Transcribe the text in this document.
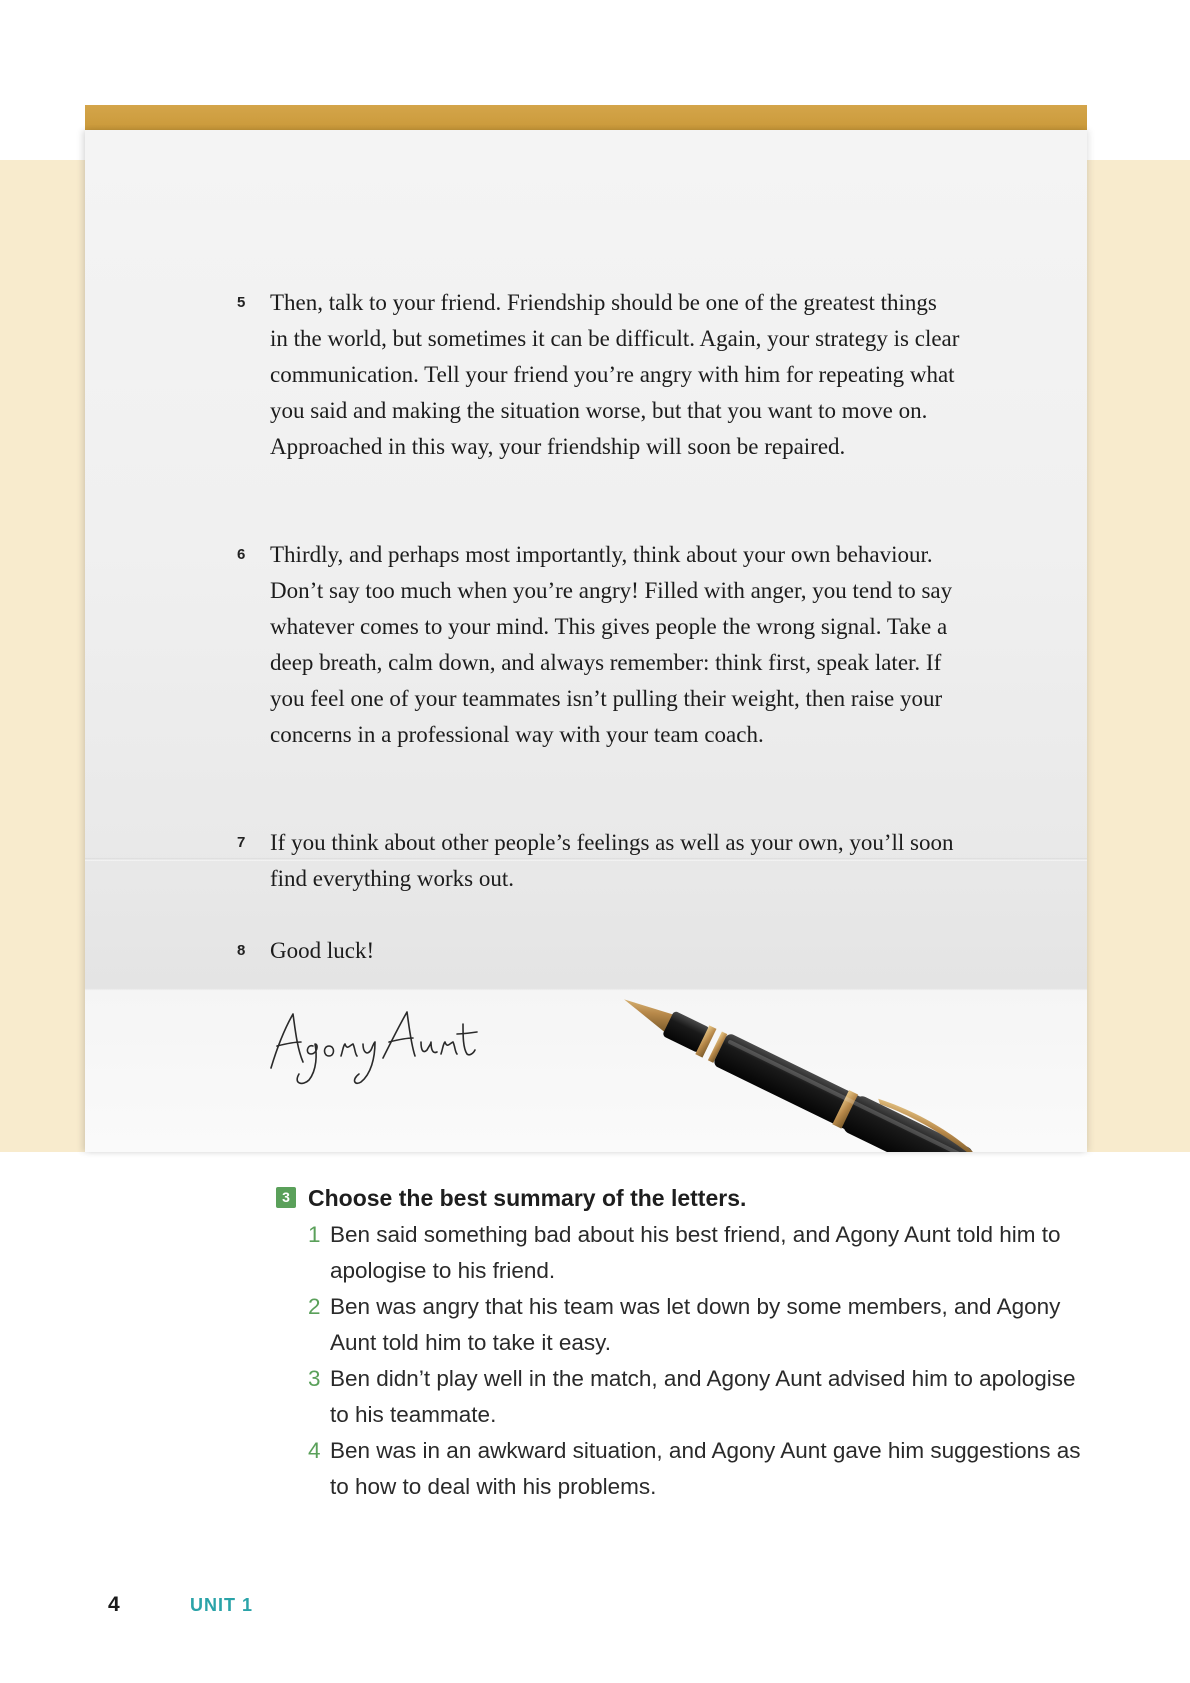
5 Then, talk to your friend. Friendship should be one of the greatest things in the world, but sometimes it can be difficult. Again, your strategy is clear communication. Tell your friend you’re angry with him for repeating what you said and making the situation worse, but that you want to move on. Approached in this way, your friendship will soon be repaired.
6 Thirdly, and perhaps most importantly, think about your own behaviour. Don’t say too much when you’re angry! Filled with anger, you tend to say whatever comes to your mind. This gives people the wrong signal. Take a deep breath, calm down, and always remember: think first, speak later. If you feel one of your teammates isn’t pulling their weight, then raise your concerns in a professional way with your team coach.
7 If you think about other people’s feelings as well as your own, you’ll soon find everything works out.
8 Good luck!
3 Choose the best summary of the letters.
1 Ben said something bad about his best friend, and Agony Aunt told him to apologise to his friend.
2 Ben was angry that his team was let down by some members, and Agony Aunt told him to take it easy.
3 Ben didn’t play well in the match, and Agony Aunt advised him to apologise to his teammate.
4 Ben was in an awkward situation, and Agony Aunt gave him suggestions as to how to deal with his problems.
4	UNIT 1
